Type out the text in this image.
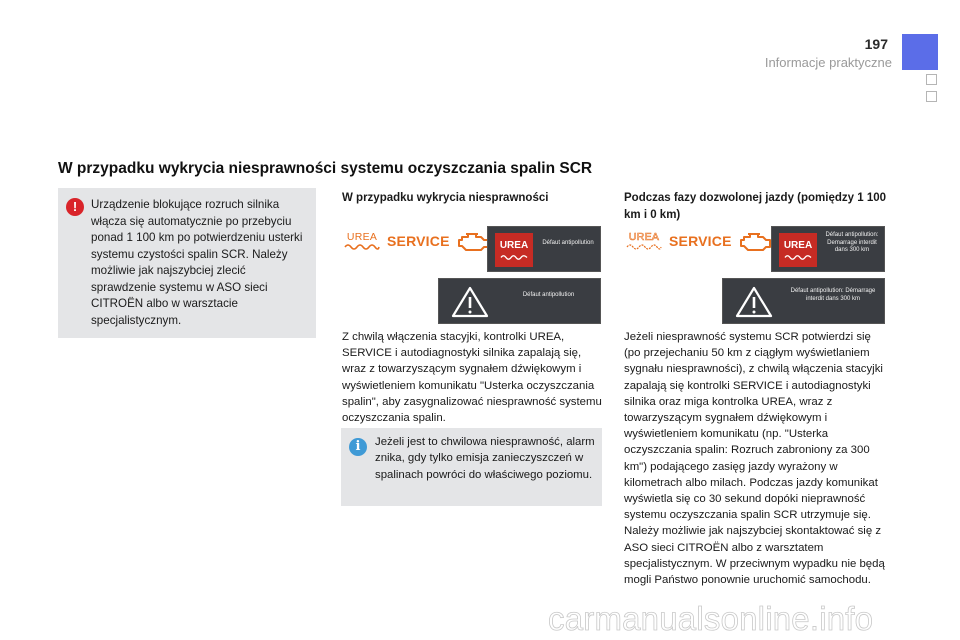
197
Informacje praktyczne
W przypadku wykrycia niesprawności systemu oczyszczania spalin SCR
!	Urządzenie blokujące rozruch silnika włącza się automatycznie po przebyciu ponad 1 100 km po potwierdzeniu usterki systemu czystości spalin SCR. Należy możliwie jak najszybciej zlecić sprawdzenie systemu w ASO sieci CITROËN albo w warsztacie specjalistycznym.
W przypadku wykrycia niesprawności
UREA SERVICE	UREA	Défaut antipollution
Défaut antipollution
Z chwilą włączenia stacyjki, kontrolki UREA, SERVICE i autodiagnostyki silnika zapalają się, wraz z towarzyszącym sygnałem dźwiękowym i wyświetleniem komunikatu "Usterka oczyszczania spalin", aby zasygnalizować niesprawność systemu oczyszczania spalin.
i	Jeżeli jest to chwilowa niesprawność, alarm znika, gdy tylko emisja zanieczyszczeń w spalinach powróci do właściwego poziomu.
Podczas fazy dozwolonej jazdy (pomiędzy 1 100 km i 0 km)
UREA SERVICE	UREA
Défaut antipollution: Demarrage interdit dans 300 km
Défaut antipollution: Démarrage interdit dans 300 km
Jeżeli niesprawność systemu SCR potwierdzi się (po przejechaniu 50 km z ciągłym wyświetlaniem sygnału niesprawności), z chwilą włączenia stacyjki zapalają się kontrolki SERVICE i autodiagnostyki silnika oraz miga kontrolka UREA, wraz z towarzyszącym sygnałem dźwiękowym i wyświetleniem komunikatu (np. "Usterka oczyszczania spalin: Rozruch zabroniony za 300 km") podającego zasięg jazdy wyrażony w kilometrach albo milach. Podczas jazdy komunikat wyświetla się co 30 sekund dopóki nieprawność systemu oczyszczania spalin SCR utrzymuje się. Należy możliwie jak najszybciej skontaktować się z ASO sieci CITROËN albo z warsztatem specjalistycznym. W przeciwnym wypadku nie będą mogli Państwo ponownie uruchomić samochodu.
carmanualsonline.info
